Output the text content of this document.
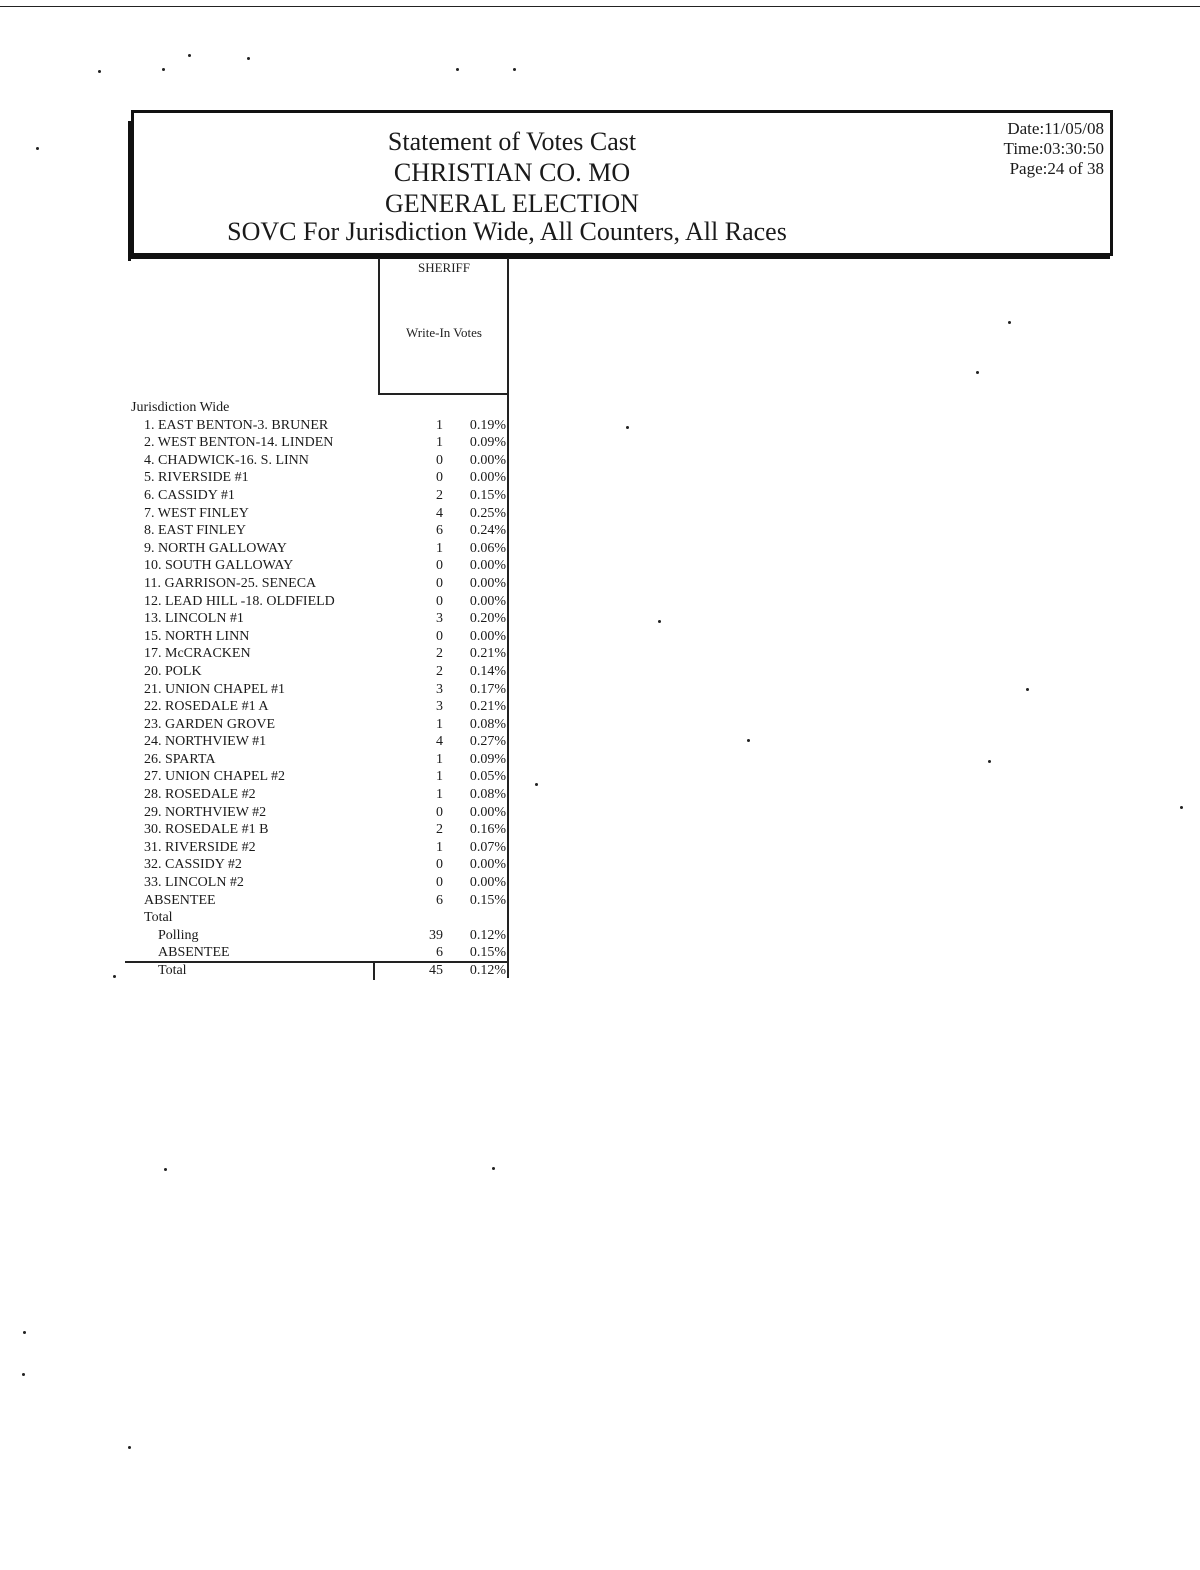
Statement of Votes Cast
CHRISTIAN CO. MO
GENERAL ELECTION
SOVC For Jurisdiction Wide, All Counters, All Races
Date:11/05/08
Time:03:30:50
Page:24 of 38
SHERIFF
Write-In Votes
Jurisdiction Wide
1. EAST BENTON-3. BRUNER	1 0.19%
2. WEST BENTON-14. LINDEN	1 0.09%
4. CHADWICK-16. S. LINN	0 0.00%
5. RIVERSIDE #1	0 0.00%
6. CASSIDY #1	2 0.15%
7. WEST FINLEY	4 0.25%
8. EAST FINLEY	6 0.24%
9. NORTH GALLOWAY	1 0.06%
10. SOUTH GALLOWAY	0 0.00%
11. GARRISON-25. SENECA	0 0.00%
12. LEAD HILL -18. OLDFIELD	0 0.00%
13. LINCOLN #1	3 0.20%
15. NORTH LINN	0 0.00%
17. McCRACKEN	2 0.21%
20. POLK	2 0.14%
21. UNION CHAPEL #1	3 0.17%
22. ROSEDALE #1 A	3 0.21%
23. GARDEN GROVE	1 0.08%
24. NORTHVIEW #1	4 0.27%
26. SPARTA	1 0.09%
27. UNION CHAPEL #2	1 0.05%
28. ROSEDALE #2	1 0.08%
29. NORTHVIEW #2	0 0.00%
30. ROSEDALE #1 B	2 0.16%
31. RIVERSIDE #2	1 0.07%
32. CASSIDY #2	0 0.00%
33. LINCOLN #2	0 0.00%
ABSENTEE	6 0.15%
Total
Polling	39 0.12%
ABSENTEE	6 0.15%
Total	45 0.12%
